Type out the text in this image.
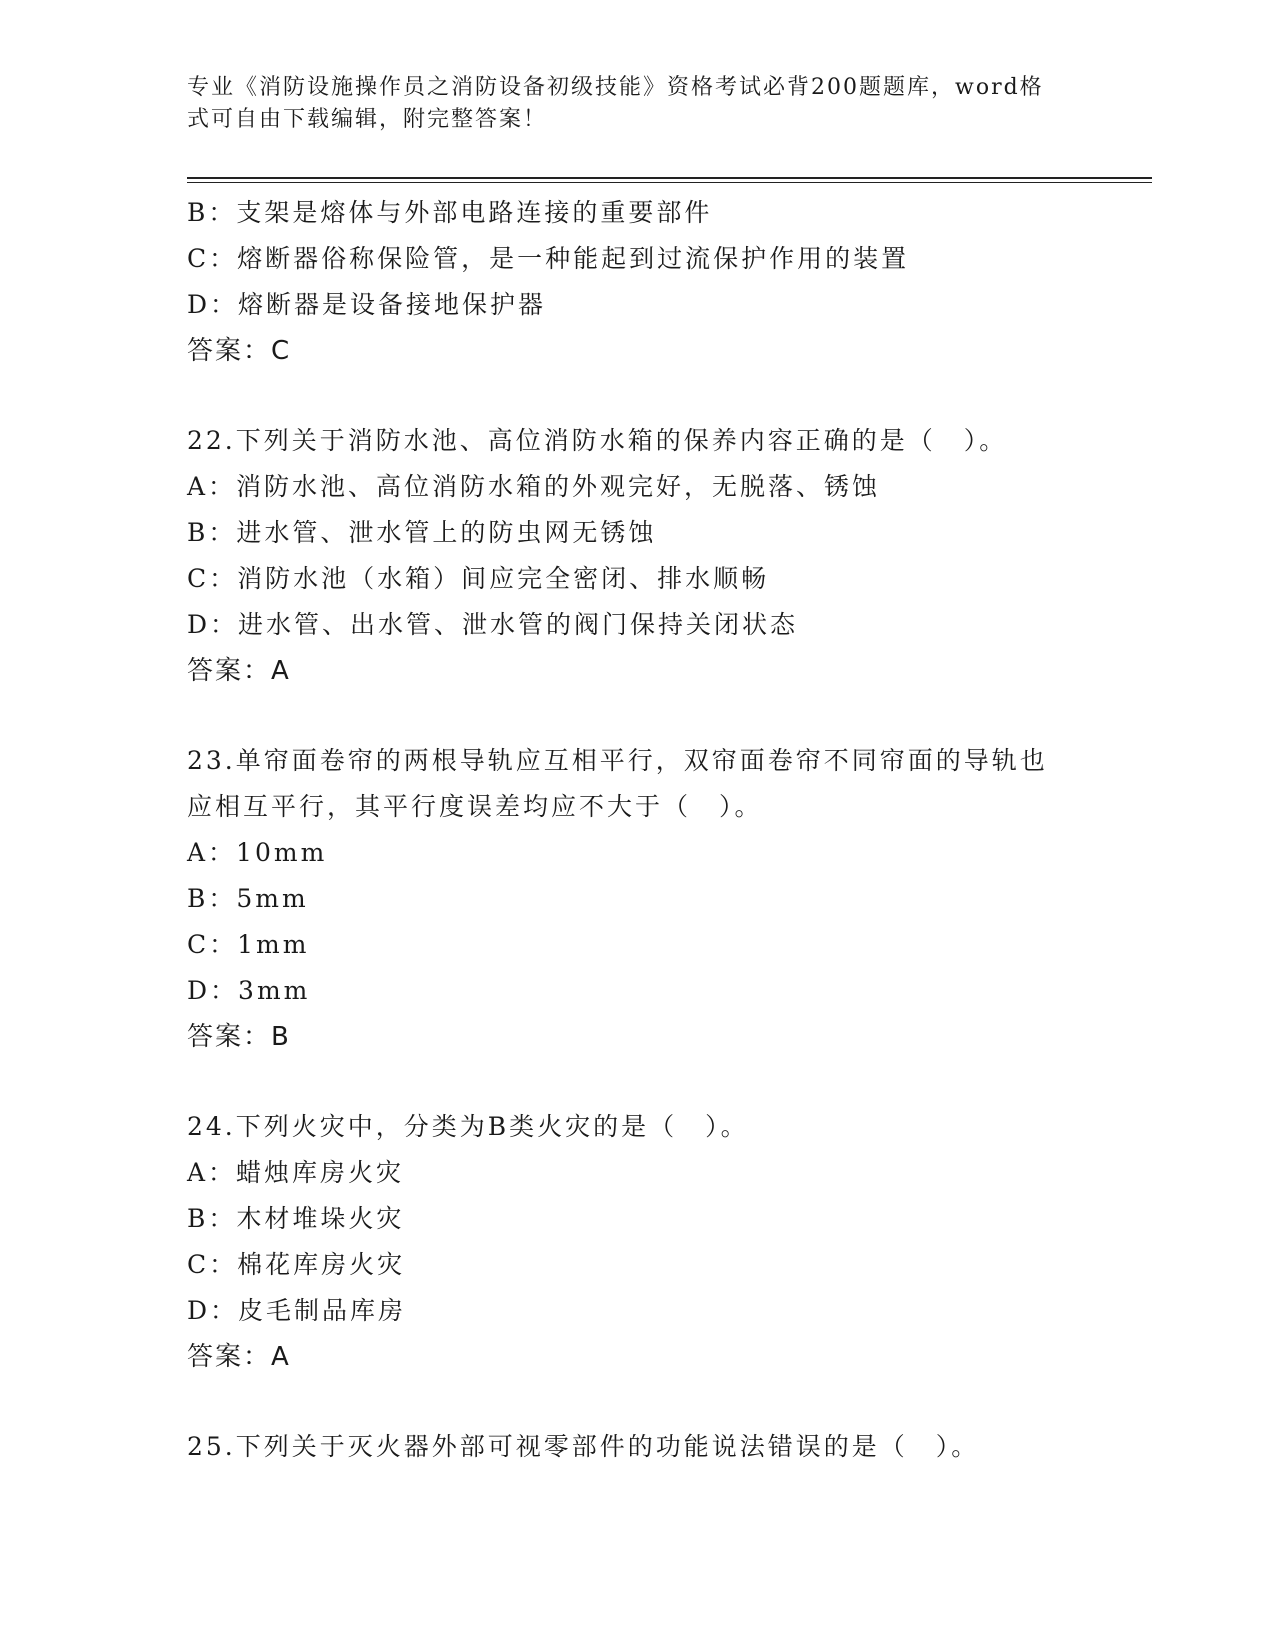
专业《消防设施操作员之消防设备初级技能》资格考试必背200题题库，word格
式可自由下载编辑，附完整答案！
B：支架是熔体与外部电路连接的重要部件
C：熔断器俗称保险管，是一种能起到过流保护作用的装置
D：熔断器是设备接地保护器
答案：C
22.下列关于消防水池、高位消防水箱的保养内容正确的是（　）。
A：消防水池、高位消防水箱的外观完好，无脱落、锈蚀
B：进水管、泄水管上的防虫网无锈蚀
C：消防水池（水箱）间应完全密闭、排水顺畅
D：进水管、出水管、泄水管的阀门保持关闭状态
答案：A
23.单帘面卷帘的两根导轨应互相平行，双帘面卷帘不同帘面的导轨也
应相互平行，其平行度误差均应不大于（　）。
A：10mm
B：5mm
C：1mm
D：3mm
答案：B
24.下列火灾中，分类为B类火灾的是（　）。
A：蜡烛库房火灾
B：木材堆垛火灾
C：棉花库房火灾
D：皮毛制品库房
答案：A
25.下列关于灭火器外部可视零部件的功能说法错误的是（　）。
